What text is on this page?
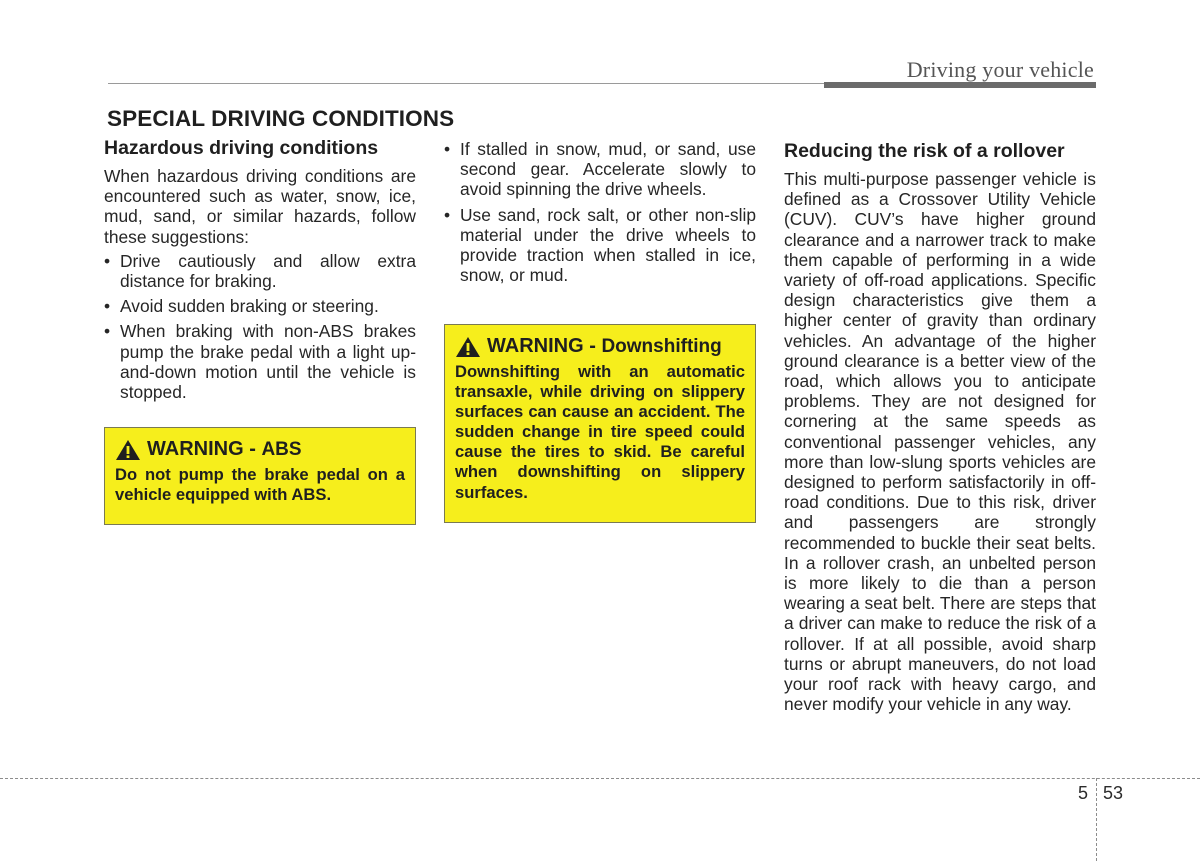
Driving your vehicle
SPECIAL DRIVING CONDITIONS
Hazardous driving conditions
When hazardous driving conditions are encountered such as water, snow, ice, mud, sand, or similar hazards, follow these suggestions:
• Drive cautiously and allow extra distance for braking.
• Avoid sudden braking or steering.
• When braking with non-ABS brakes pump the brake pedal with a light up-and-down motion until the vehicle is stopped.
WARNING - ABS
Do not pump the brake pedal on a vehicle equipped with ABS.
• If stalled in snow, mud, or sand, use second gear. Accelerate slowly to avoid spinning the drive wheels.
• Use sand, rock salt, or other non-slip material under the drive wheels to provide traction when stalled in ice, snow, or mud.
WARNING - Downshifting
Downshifting with an automatic transaxle, while driving on slippery surfaces can cause an accident. The sudden change in tire speed could cause the tires to skid. Be careful when downshifting on slippery surfaces.
Reducing the risk of a rollover
This multi-purpose passenger vehicle is defined as a Crossover Utility Vehicle (CUV). CUV’s have higher ground clearance and a narrower track to make them capable of performing in a wide variety of off-road applications. Specific design characteristics give them a higher center of gravity than ordinary vehicles. An advantage of the higher ground clearance is a better view of the road, which allows you to anticipate problems. They are not designed for cornering at the same speeds as conventional passenger vehicles, any more than low-slung sports vehicles are designed to perform satisfactorily in off-road conditions. Due to this risk, driver and passengers are strongly recommended to buckle their seat belts. In a rollover crash, an unbelted person is more likely to die than a person wearing a seat belt. There are steps that a driver can make to reduce the risk of a rollover. If at all possible, avoid sharp turns or abrupt maneuvers, do not load your roof rack with heavy cargo, and never modify your vehicle in any way.
5 53
